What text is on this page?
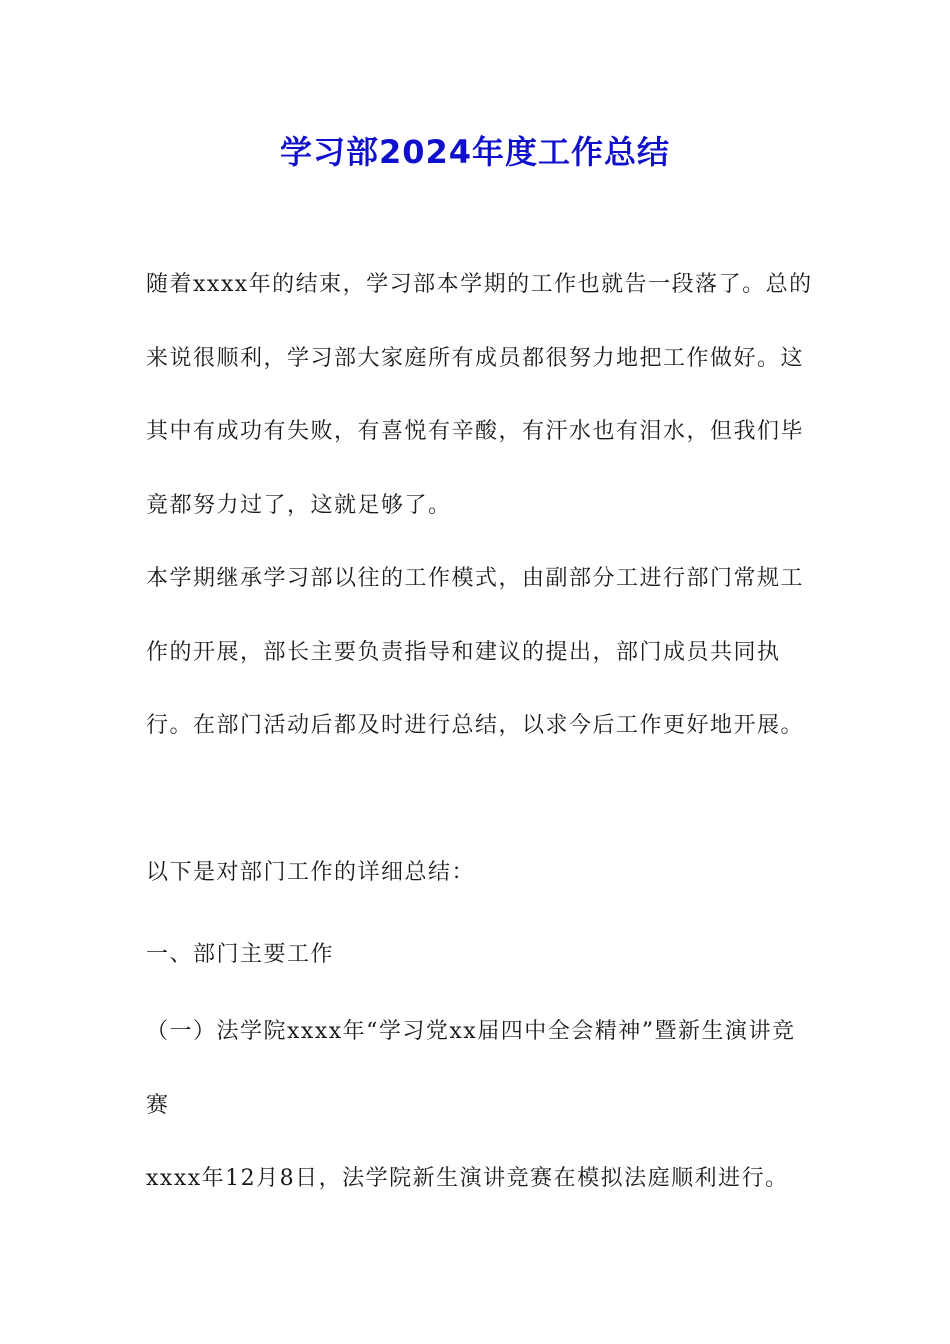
学习部2024年度工作总结

随着xxxx年的结束，学习部本学期的工作也就告一段落了。总的来说很顺利，学习部大家庭所有成员都很努力地把工作做好。这其中有成功有失败，有喜悦有辛酸，有汗水也有泪水，但我们毕竟都努力过了，这就足够了。

本学期继承学习部以往的工作模式，由副部分工进行部门常规工作的开展，部长主要负责指导和建议的提出，部门成员共同执行。在部门活动后都及时进行总结，以求今后工作更好地开展。

以下是对部门工作的详细总结：

一、部门主要工作

（一）法学院xxxx年“学习党xx届四中全会精神”暨新生演讲竞赛

xxxx年12月8日，法学院新生演讲竞赛在模拟法庭顺利进行。
